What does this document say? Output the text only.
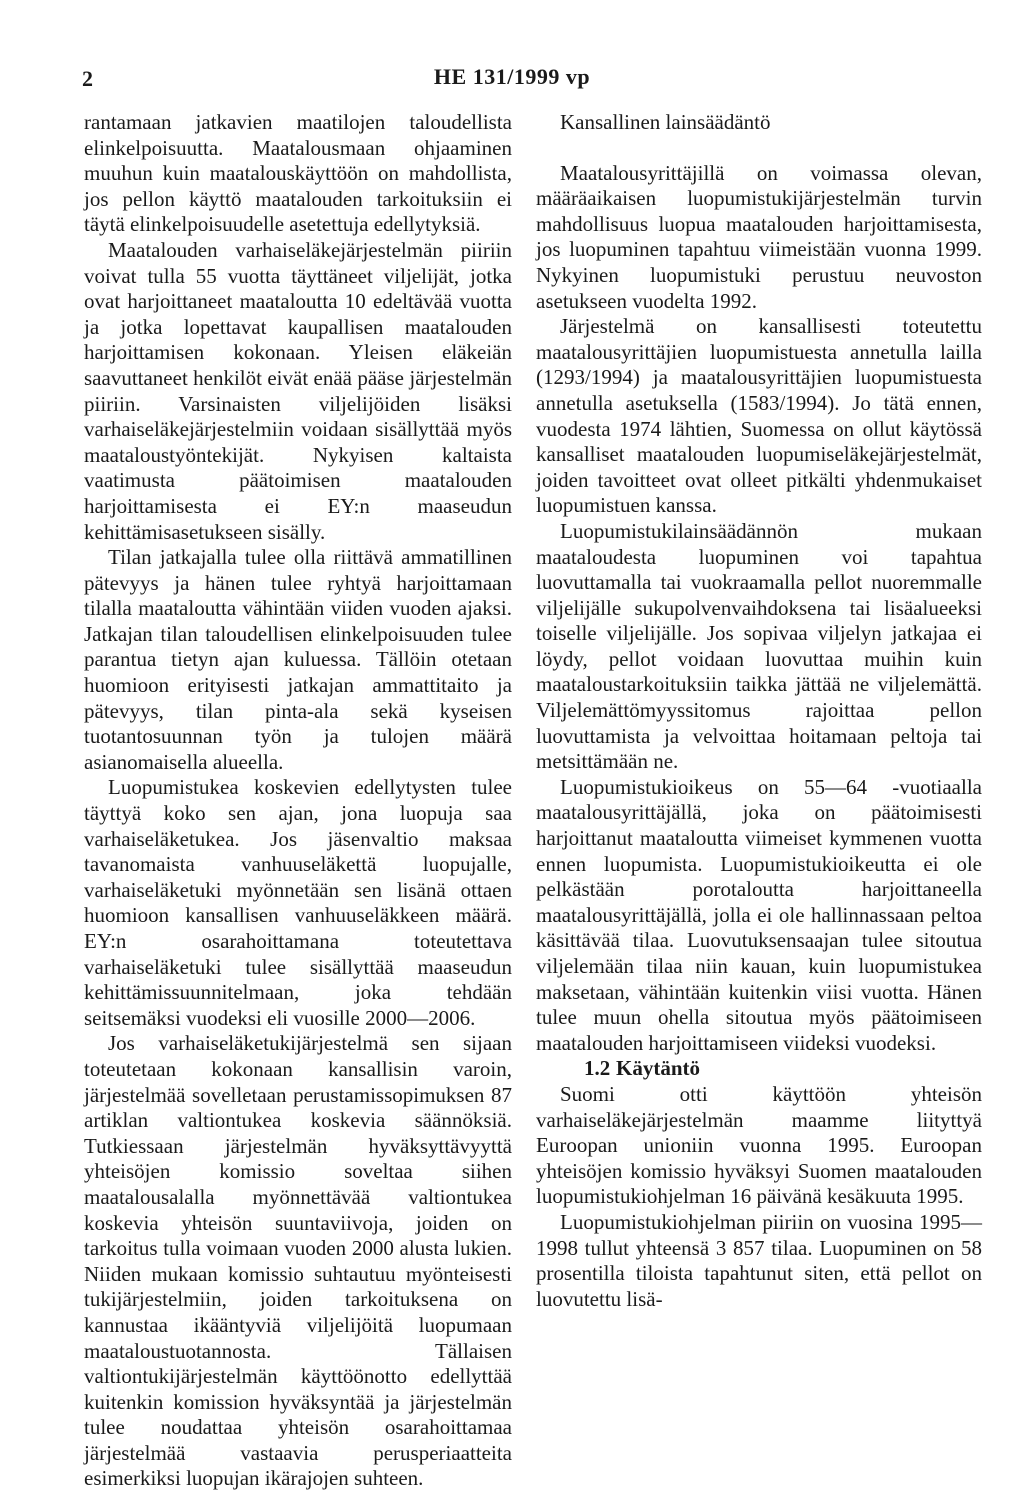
2	HE 131/1999 vp

rantamaan jatkavien maatilojen taloudellista elinkelpoisuutta. Maatalousmaan ohjaaminen muuhun kuin maatalouskäyttöön on mahdollista, jos pellon käyttö maatalouden tarkoituksiin ei täytä elinkelpoisuudelle asetettuja edellytyksiä.

Maatalouden varhaiseläkejärjestelmän piiriin voivat tulla 55 vuotta täyttäneet viljelijät, jotka ovat harjoittaneet maataloutta 10 edeltävää vuotta ja jotka lopettavat kaupallisen maatalouden harjoittamisen kokonaan. Yleisen eläkeiän saavuttaneet henkilöt eivät enää pääse järjestelmän piiriin. Varsinaisten viljelijöiden lisäksi varhaiseläkejärjestelmiin voidaan sisällyttää myös maataloustyöntekijät. Nykyisen kaltaista vaatimusta päätoimisen maatalouden harjoittamisesta ei EY:n maaseudun kehittämisasetukseen sisälly.

Tilan jatkajalla tulee olla riittävä ammatillinen pätevyys ja hänen tulee ryhtyä harjoittamaan tilalla maataloutta vähintään viiden vuoden ajaksi. Jatkajan tilan taloudellisen elinkelpoisuuden tulee parantua tietyn ajan kuluessa. Tällöin otetaan huomioon erityisesti jatkajan ammattitaito ja pätevyys, tilan pinta-ala sekä kyseisen tuotantosuunnan työn ja tulojen määrä asianomaisella alueella.

Luopumistukea koskevien edellytysten tulee täyttyä koko sen ajan, jona luopuja saa varhaiseläketukea. Jos jäsenvaltio maksaa tavanomaista vanhuuseläkettä luopujalle, varhaiseläketuki myönnetään sen lisänä ottaen huomioon kansallisen vanhuuseläkkeen määrä. EY:n osarahoittamana toteutettava varhaiseläketuki tulee sisällyttää maaseudun kehittämissuunnitelmaan, joka tehdään seitsemäksi vuodeksi eli vuosille 2000—2006.

Jos varhaiseläketukijärjestelmä sen sijaan toteutetaan kokonaan kansallisin varoin, järjestelmää sovelletaan perustamissopimuksen 87 artiklan valtiontukea koskevia säännöksiä. Tutkiessaan järjestelmän hyväksyttävyyttä yhteisöjen komissio soveltaa siihen maatalousalalla myönnettävää valtiontukea koskevia yhteisön suuntaviivoja, joiden on tarkoitus tulla voimaan vuoden 2000 alusta lukien. Niiden mukaan komissio suhtautuu myönteisesti tukijärjestelmiin, joiden tarkoituksena on kannustaa ikääntyviä viljelijöitä luopumaan maataloustuotannosta. Tällaisen valtiontukijärjestelmän käyttöönotto edellyttää kuitenkin komission hyväksyntää ja järjestelmän tulee noudattaa yhteisön osarahoittamaa järjestelmää vastaavia perusperiaatteita esimerkiksi luopujan ikärajojen suhteen.

Kansallinen lainsäädäntö

Maatalousyrittäjillä on voimassa olevan, määräaikaisen luopumistukijärjestelmän turvin mahdollisuus luopua maatalouden harjoittamisesta, jos luopuminen tapahtuu viimeistään vuonna 1999. Nykyinen luopumistuki perustuu neuvoston asetukseen vuodelta 1992.

Järjestelmä on kansallisesti toteutettu maatalousyrittäjien luopumistuesta annetulla lailla (1293/1994) ja maatalousyrittäjien luopumistuesta annetulla asetuksella (1583/1994). Jo tätä ennen, vuodesta 1974 lähtien, Suomessa on ollut käytössä kansalliset maatalouden luopumiseläkejärjestelmät, joiden tavoitteet ovat olleet pitkälti yhdenmukaiset luopumistuen kanssa.

Luopumistukilainsäädännön mukaan maataloudesta luopuminen voi tapahtua luovuttamalla tai vuokraamalla pellot nuoremmalle viljelijälle sukupolvenvaihdoksena tai lisäalueeksi toiselle viljelijälle. Jos sopivaa viljelyn jatkajaa ei löydy, pellot voidaan luovuttaa muihin kuin maataloustarkoituksiin taikka jättää ne viljelemättä. Viljelemättömyyssitomus rajoittaa pellon luovuttamista ja velvoittaa hoitamaan peltoja tai metsittämään ne.

Luopumistukioikeus on 55—64 -vuotiaalla maatalousyrittäjällä, joka on päätoimisesti harjoittanut maataloutta viimeiset kymmenen vuotta ennen luopumista. Luopumistukioikeutta ei ole pelkästään porotaloutta harjoittaneella maatalousyrittäjällä, jolla ei ole hallinnassaan peltoa käsittävää tilaa. Luovutuksensaajan tulee sitoutua viljelemään tilaa niin kauan, kuin luopumistukea maksetaan, vähintään kuitenkin viisi vuotta. Hänen tulee muun ohella sitoutua myös päätoimiseen maatalouden harjoittamiseen viideksi vuodeksi.

1.2 Käytäntö

Suomi otti käyttöön yhteisön varhaiseläkejärjestelmän maamme liityttyä Euroopan unioniin vuonna 1995. Euroopan yhteisöjen komissio hyväksyi Suomen maatalouden luopumistukiohjelman 16 päivänä kesäkuuta 1995.

Luopumistukiohjelman piiriin on vuosina 1995—1998 tullut yhteensä 3 857 tilaa. Luopuminen on 58 prosentilla tiloista tapahtunut siten, että pellot on luovutettu lisä-
